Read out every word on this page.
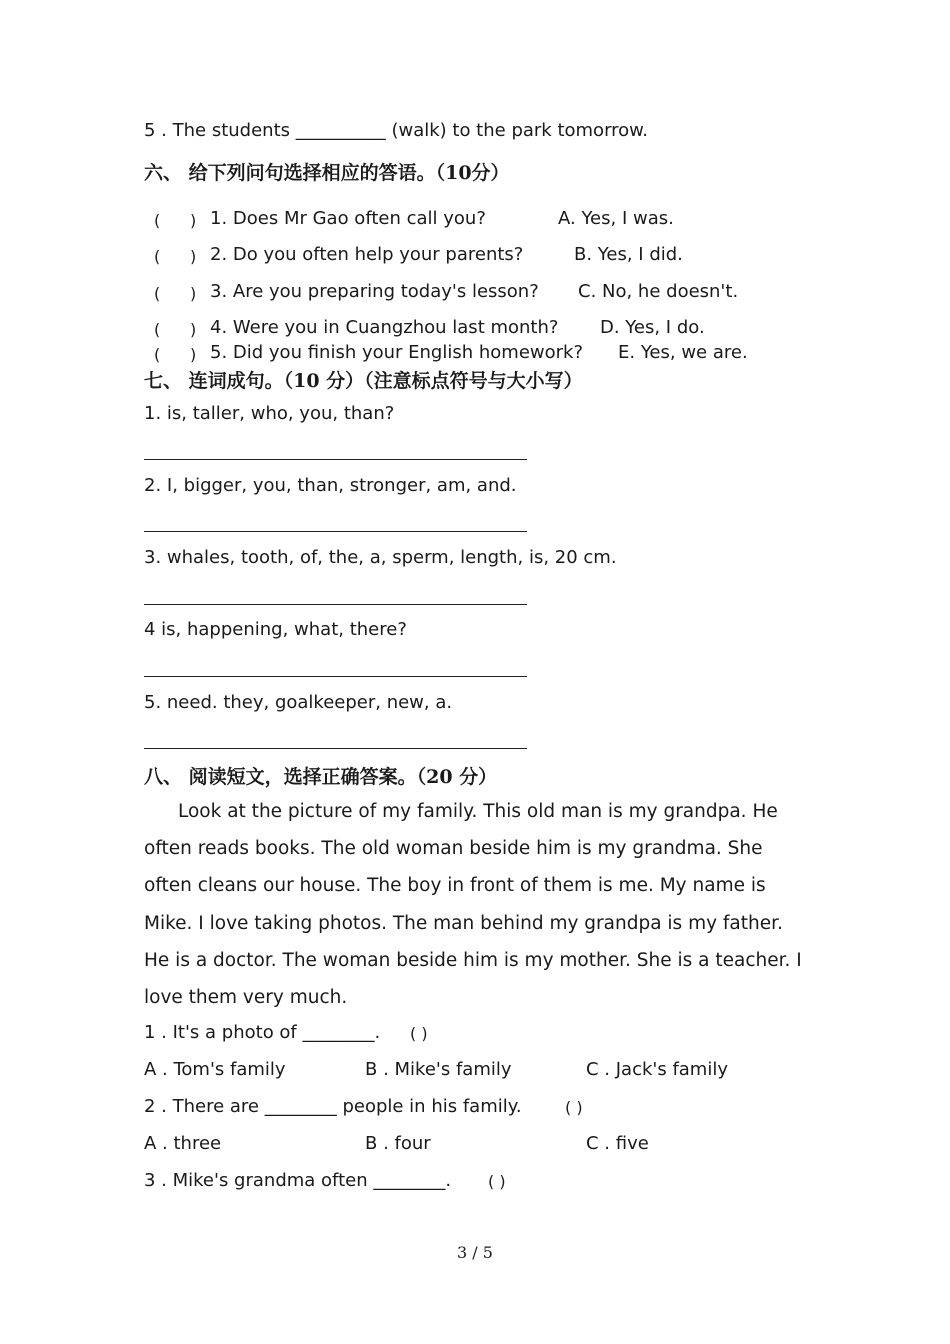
5 . The students __________ (walk) to the park tomorrow.
六、 给下列问句选择相应的答语。（10分）
( ) 1. Does Mr Gao often call you?	A. Yes, I was.
( ) 2. Do you often help your parents?	B. Yes, I did.
( ) 3. Are you preparing today's lesson? C. No, he doesn't.
( ) 4. Were you in Cuangzhou last month? D. Yes, I do.
( ) 5. Did you finish your English homework? E. Yes, we are.
七、 连词成句。（10 分）（注意标点符号与大小写）
1. is, taller, who, you, than?
2. I, bigger, you, than, stronger, am, and.
3. whales, tooth, of, the, a, sperm, length, is, 20 cm.
4 is, happening, what, there?
5. need. they, goalkeeper, new, a.
八、 阅读短文，选择正确答案。（20 分）

Look at the picture of my family. This old man is my grandpa. He often reads books. The old woman beside him is my grandma. She often cleans our house. The boy in front of them is me. My name is Mike. I love taking photos. The man behind my grandpa is my father. He is a doctor. The woman beside him is my mother. She is a teacher. I love them very much.

1 . It's a photo of ________. ( )
A . Tom's family	B . Mike's family	C . Jack's family
2 . There are ________ people in his family.	( )
A . three	B . four	C . five
3 . Mike's grandma often ________. ( )
3 / 5
